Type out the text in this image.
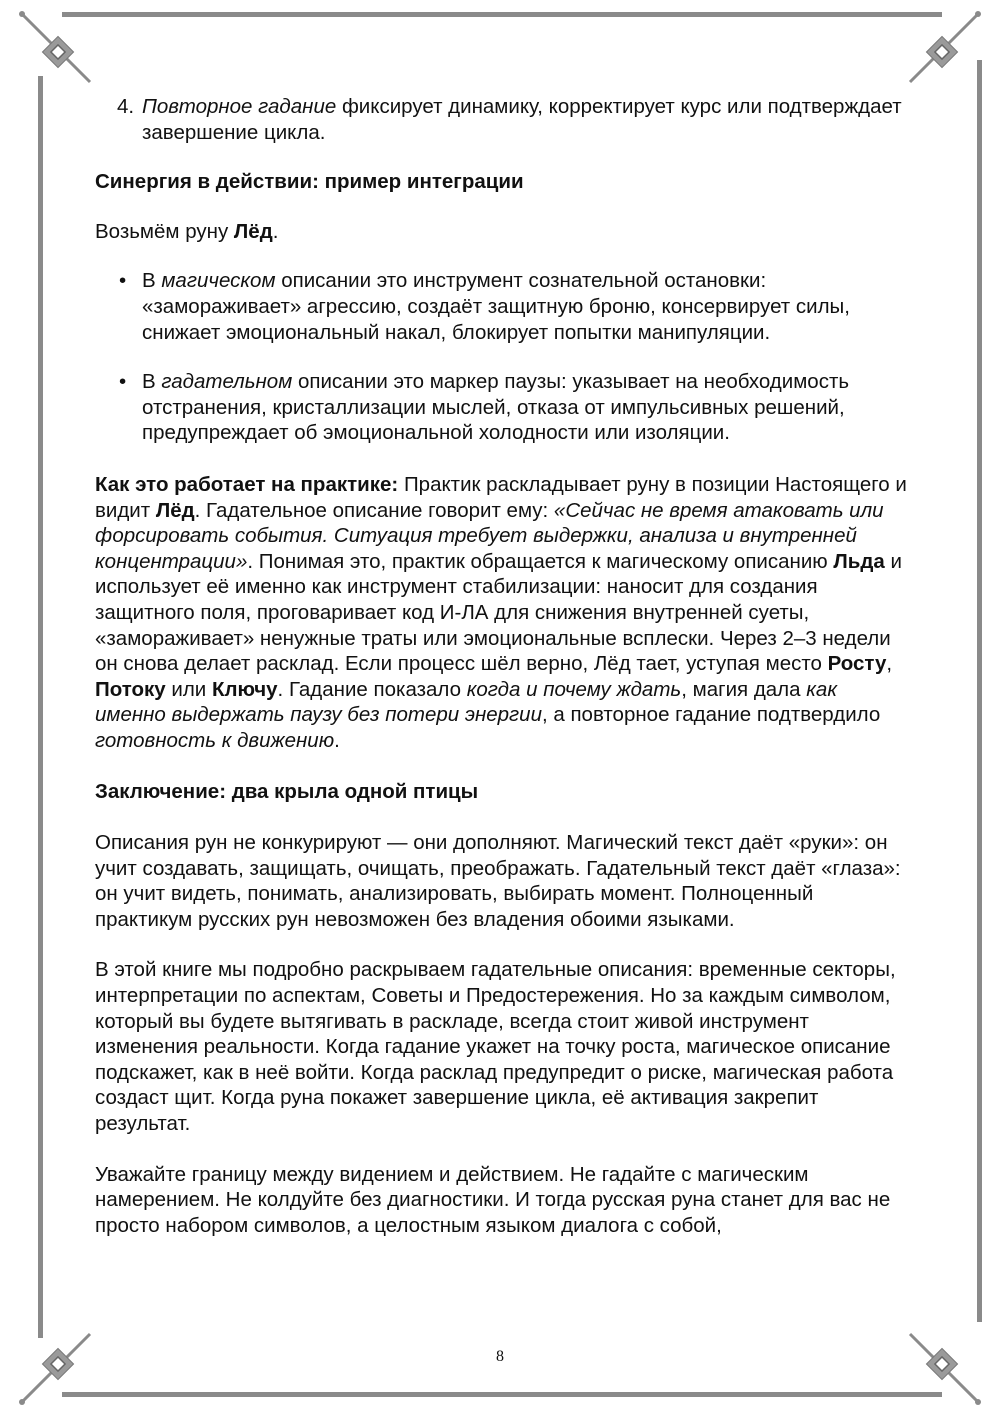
4. Повторное гадание фиксирует динамику, корректирует курс или подтверждает завершение цикла.

Синергия в действии: пример интеграции

Возьмём руну Лёд.

• В магическом описании это инструмент сознательной остановки: «замораживает» агрессию, создаёт защитную броню, консервирует силы, снижает эмоциональный накал, блокирует попытки манипуляции.

• В гадательном описании это маркер паузы: указывает на необходимость отстранения, кристаллизации мыслей, отказа от импульсивных решений, предупреждает об эмоциональной холодности или изоляции.

Как это работает на практике: Практик раскладывает руну в позиции Настоящего и видит Лёд. Гадательное описание говорит ему: «Сейчас не время атаковать или форсировать события. Ситуация требует выдержки, анализа и внутренней концентрации». Понимая это, практик обращается к магическому описанию Льда и использует её именно как инструмент стабилизации: наносит для создания защитного поля, проговаривает код И-ЛА для снижения внутренней суеты, «замораживает» ненужные траты или эмоциональные всплески. Через 2–3 недели он снова делает расклад. Если процесс шёл верно, Лёд тает, уступая место Росту, Потоку или Ключу. Гадание показало когда и почему ждать, магия дала как именно выдержать паузу без потери энергии, а повторное гадание подтвердило готовность к движению.

Заключение: два крыла одной птицы

Описания рун не конкурируют — они дополняют. Магический текст даёт «руки»: он учит создавать, защищать, очищать, преображать. Гадательный текст даёт «глаза»: он учит видеть, понимать, анализировать, выбирать момент. Полноценный практикум русских рун невозможен без владения обоими языками.

В этой книге мы подробно раскрываем гадательные описания: временные секторы, интерпретации по аспектам, Советы и Предостережения. Но за каждым символом, который вы будете вытягивать в раскладе, всегда стоит живой инструмент изменения реальности. Когда гадание укажет на точку роста, магическое описание подскажет, как в неё войти. Когда расклад предупредит о риске, магическая работа создаст щит. Когда руна покажет завершение цикла, её активация закрепит результат.

Уважайте границу между видением и действием. Не гадайте с магическим намерением. Не колдуйте без диагностики. И тогда русская руна станет для вас не просто набором символов, а целостным языком диалога с собой,

8
